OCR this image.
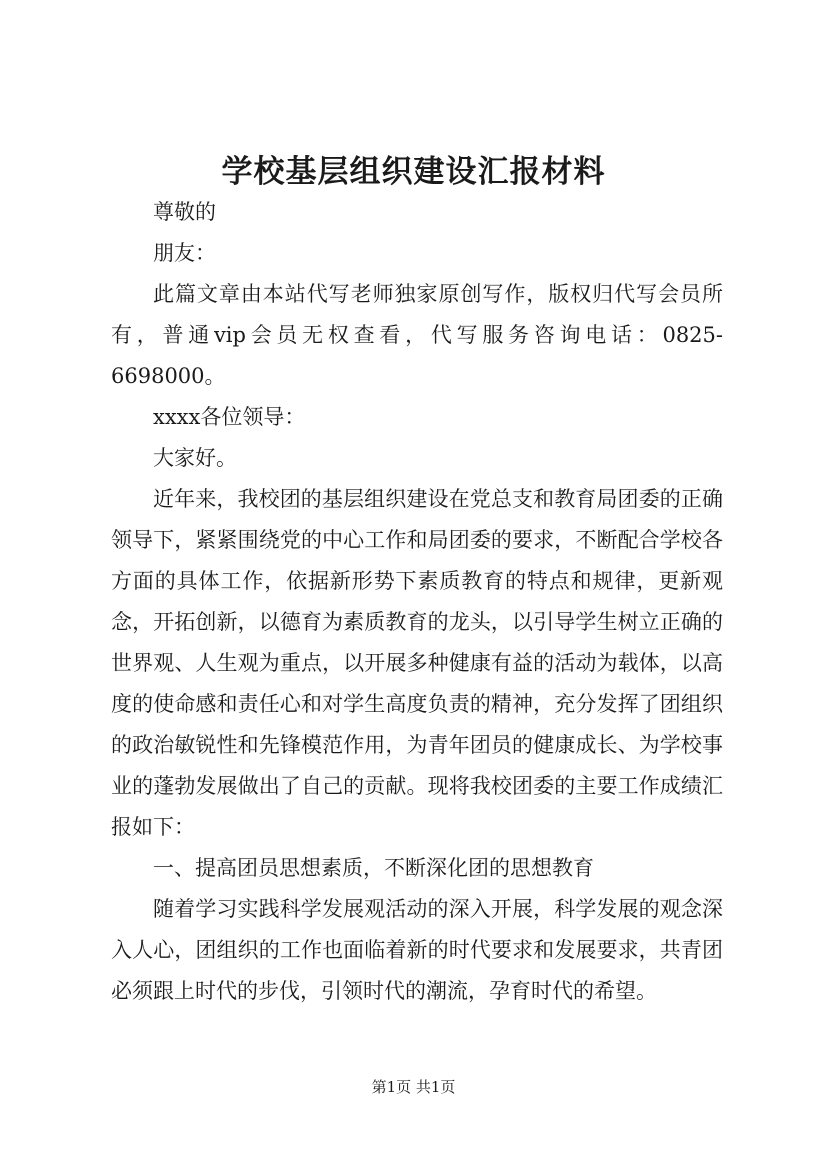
学校基层组织建设汇报材料

尊敬的

朋友：

此篇文章由本站代写老师独家原创写作，版权归代写会员所有，普通vip会员无权查看，代写服务咨询电话：0825-6698000。

xxxx各位领导：

大家好。

近年来，我校团的基层组织建设在党总支和教育局团委的正确领导下，紧紧围绕党的中心工作和局团委的要求，不断配合学校各方面的具体工作，依据新形势下素质教育的特点和规律，更新观念，开拓创新，以德育为素质教育的龙头，以引导学生树立正确的世界观、人生观为重点，以开展多种健康有益的活动为载体，以高度的使命感和责任心和对学生高度负责的精神，充分发挥了团组织的政治敏锐性和先锋模范作用，为青年团员的健康成长、为学校事业的蓬勃发展做出了自己的贡献。现将我校团委的主要工作成绩汇报如下：

一、提高团员思想素质，不断深化团的思想教育

随着学习实践科学发展观活动的深入开展，科学发展的观念深入人心，团组织的工作也面临着新的时代要求和发展要求，共青团必须跟上时代的步伐，引领时代的潮流，孕育时代的希望。

第1页 共1页
